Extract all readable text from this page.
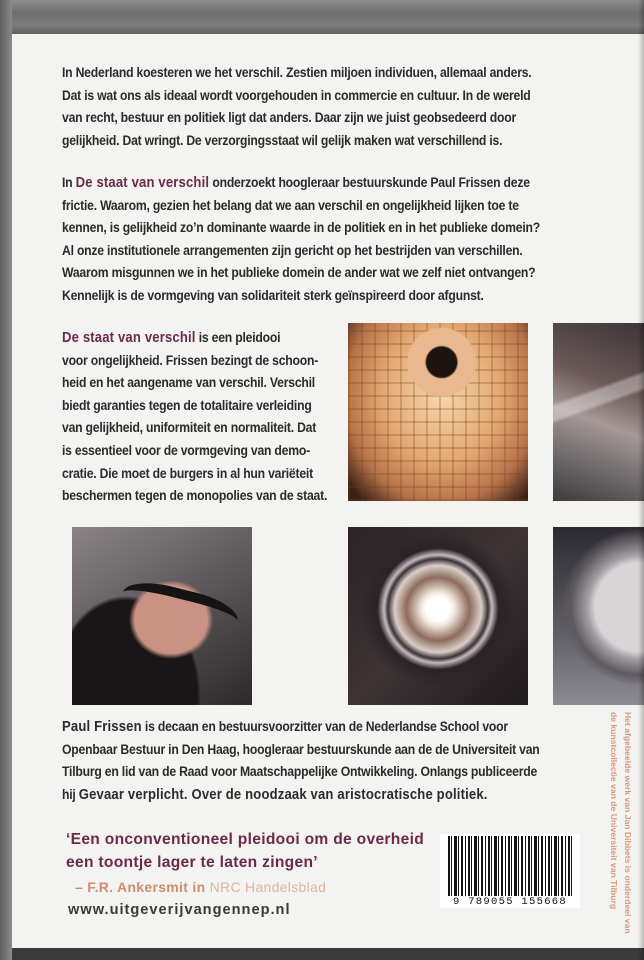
In Nederland koesteren we het verschil. Zestien miljoen individuen, allemaal anders.
Dat is wat ons als ideaal wordt voorgehouden in commercie en cultuur. In de wereld
van recht, bestuur en politiek ligt dat anders. Daar zijn we juist geobsedeerd door
gelijkheid. Dat wringt. De verzorgingsstaat wil gelijk maken wat verschillend is.
In De staat van verschil onderzoekt hoogleraar bestuurskunde Paul Frissen deze
frictie. Waarom, gezien het belang dat we aan verschil en ongelijkheid lijken toe te
kennen, is gelijkheid zo’n dominante waarde in de politiek en in het publieke domein?
Al onze institutionele arrangementen zijn gericht op het bestrijden van verschillen.
Waarom misgunnen we in het publieke domein de ander wat we zelf niet ontvangen?
Kennelijk is de vormgeving van solidariteit sterk geïnspireerd door afgunst.
De staat van verschil is een pleidooi
voor ongelijkheid. Frissen bezingt de schoon-
heid en het aangename van verschil. Verschil
biedt garanties tegen de totalitaire verleiding
van gelijkheid, uniformiteit en normaliteit. Dat
is essentieel voor de vormgeving van demo-
cratie. Die moet de burgers in al hun variëteit
beschermen tegen de monopolies van de staat.
Paul Frissen is decaan en bestuursvoorzitter van de Nederlandse School voor
Openbaar Bestuur in Den Haag, hoogleraar bestuurskunde aan de de Universiteit van
Tilburg en lid van de Raad voor Maatschappelijke Ontwikkeling. Onlangs publiceerde
hij Gevaar verplicht. Over de noodzaak van aristocratische politiek.
‘Een onconventioneel pleidooi om de overheid
een toontje lager te laten zingen’
– F.R. Ankersmit in NRC Handelsblad
www.uitgeverijvangennep.nl	9 789055 155668	Het afgebeelde werk van Jan Dibbets is onderdeel van
de kunstcollectie van de Universiteit van Tilburg
